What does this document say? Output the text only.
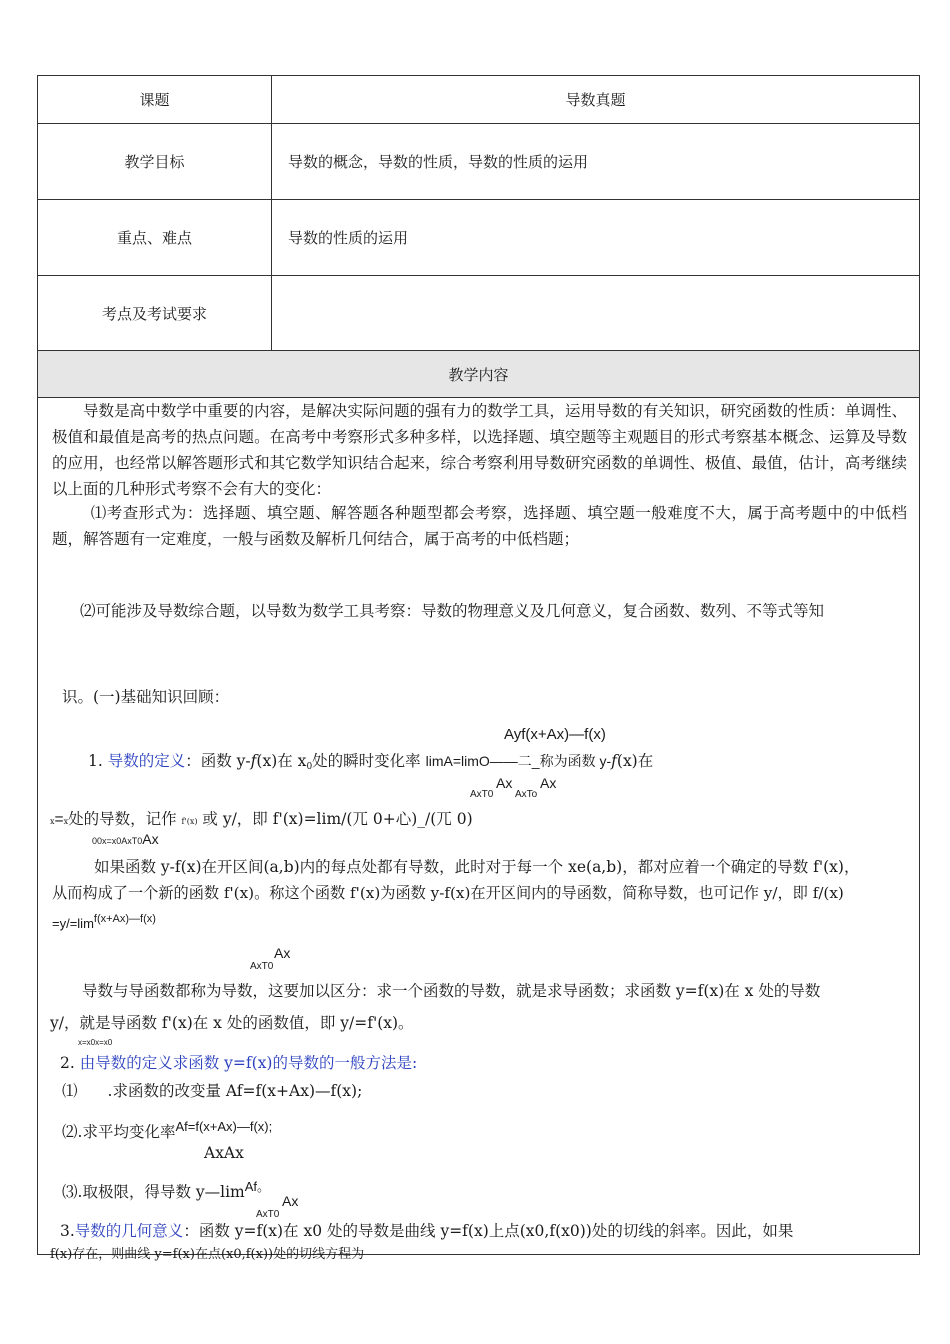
课题	导数真题
教学目标	导数的概念，导数的性质，导数的性质的运用
重点、难点	导数的性质的运用
考点及考试要求
教学内容
导数是高中数学中重要的内容，是解决实际问题的强有力的数学工具，运用导数的有关知识，研究函数的性质：单调性、极值和最值是高考的热点问题。在高考中考察形式多种多样，以选择题、填空题等主观题目的形式考察基本概念、运算及导数的应用，也经常以解答题形式和其它数学知识结合起来，综合考察利用导数研究函数的单调性、极值、最值，估计，高考继续以上面的几种形式考察不会有大的变化：
⑴考查形式为：选择题、填空题、解答题各种题型都会考察，选择题、填空题一般难度不大，属于高考题中的中低档题，解答题有一定难度，一般与函数及解析几何结合，属于高考的中低档题；
⑵可能涉及导数综合题，以导数为数学工具考察：导数的物理意义及几何意义，复合函数、数列、不等式等知
识。(一)基础知识回顾：
Ayf(x+Ax)—f(x)
1. 导数的定义：函数 y-f(x)在 $x_0$处的瞬时变化率 limA=limO——二_称为函数 y-f(x)在
AxT0
Ax
AxTo
Ax
x=x处的导数，记作 f'(x) 或 y/，即 f'(x)=lim/(兀 0+心)_/(兀 0)
00x=x0AxT0Ax
如果函数 y-f(x)在开区间(a,b)内的每点处都有导数，此时对于每一个 xe(a,b)，都对应着一个确定的导数 f'(x)，
从而构成了一个新的函数 f'(x)。称这个函数 f'(x)为函数 y-f(x)在开区间内的导函数，简称导数，也可记作 y/，即 f/(x)
$=y/=\lim^{f(x+Ax)—f(x)}$
AxT0
Ax
导数与导函数都称为导数，这要加以区分：求一个函数的导数，就是求导函数；求函数 y=f(x)在 x 处的导数
y/，就是导函数 f'(x)在 x 处的函数值，即 y/=f'(x)。
x=x0x=x0
2. 由导数的定义求函数 y=f(x)的导数的一般方法是:
⑴ .求函数的改变量 Af=f(x+Ax)—f(x);
⑵.求平均变化率$^{Af=f(x+Ax)—f(x);}$
AxAx
⑶.取极限，得导数 $y—\lim^{Af。}$
AxT0
Ax
3.导数的几何意义：函数 y=f(x)在 x0 处的导数是曲线 y=f(x)上点(x0,f(x0))处的切线的斜率。因此，如果
f(x)存在，则曲线 y=f(x)在点(x0,f(x))处的切线方程为
